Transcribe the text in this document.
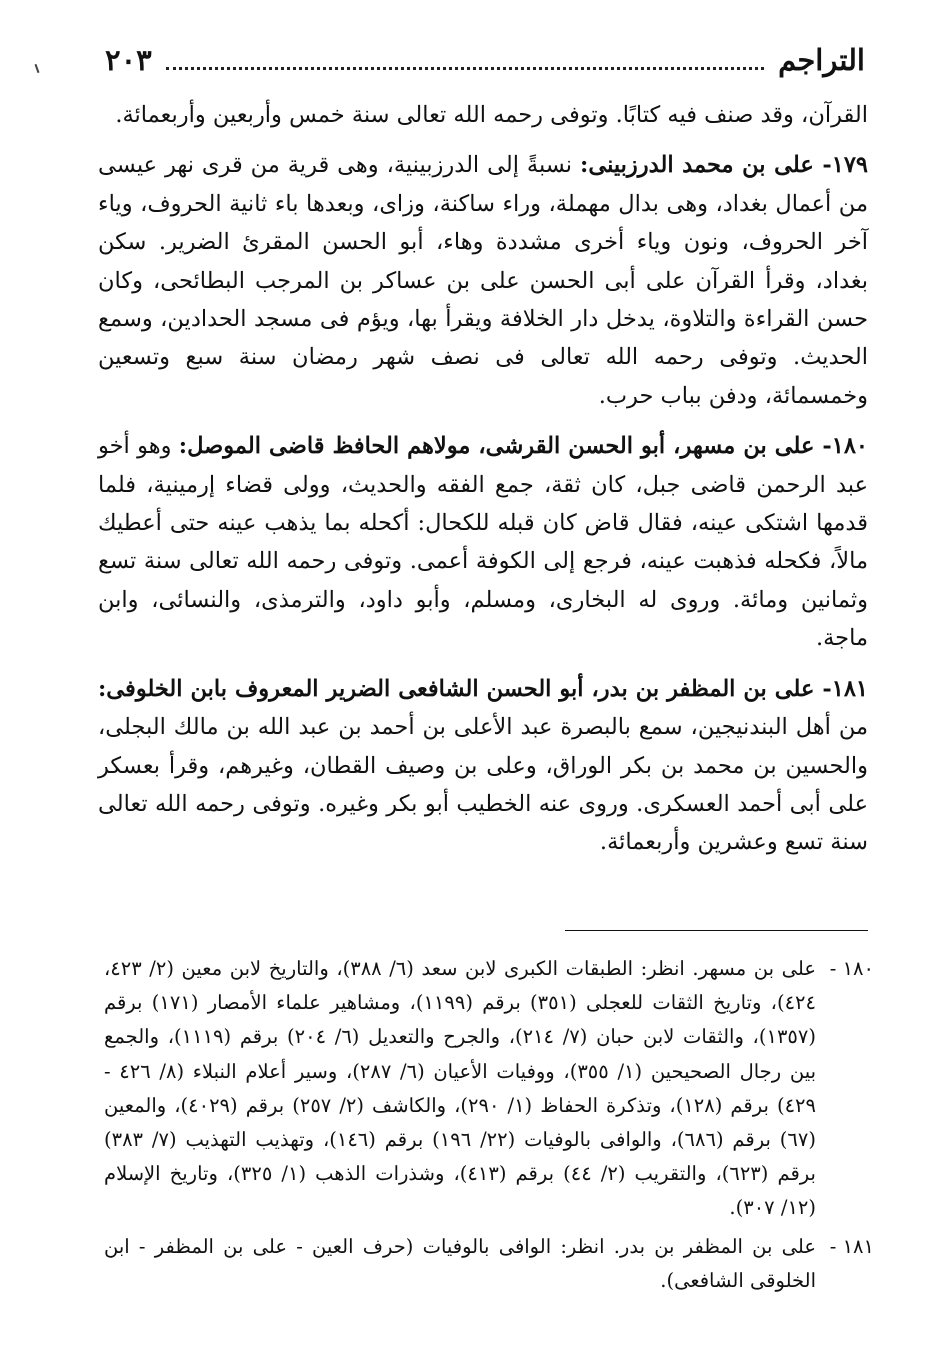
التراجم
٢٠٣

القرآن، وقد صنف فيه كتابًا. وتوفى رحمه الله تعالى سنة خمس وأربعين وأربعمائة.

١٧٩- على بن محمد الدرزبينى: نسبةً إلى الدرزبينية، وهى قرية من قرى نهر عيسى من أعمال بغداد، وهى بدال مهملة، وراء ساكنة، وزاى، وبعدها باء ثانية الحروف، وياء آخر الحروف، ونون وياء أخرى مشددة وهاء، أبو الحسن المقرئ الضرير. سكن بغداد، وقرأ القرآن على أبى الحسن على بن عساكر بن المرجب البطائحى، وكان حسن القراءة والتلاوة، يدخل دار الخلافة ويقرأ بها، ويؤم فى مسجد الحدادين، وسمع الحديث. وتوفى رحمه الله تعالى فى نصف شهر رمضان سنة سبع وتسعين وخمسمائة، ودفن بباب حرب.

١٨٠- على بن مسهر، أبو الحسن القرشى، مولاهم الحافظ قاضى الموصل: وهو أخو عبد الرحمن قاضى جبل، كان ثقة، جمع الفقه والحديث، وولى قضاء إرمينية، فلما قدمها اشتكى عينه، فقال قاض كان قبله للكحال: أكحله بما يذهب عينه حتى أعطيك مالاً، فكحله فذهبت عينه، فرجع إلى الكوفة أعمى. وتوفى رحمه الله تعالى سنة تسع وثمانين ومائة. وروى له البخارى، ومسلم، وأبو داود، والترمذى، والنسائى، وابن ماجة.

١٨١- على بن المظفر بن بدر، أبو الحسن الشافعى الضرير المعروف بابن الخلوفى: من أهل البندنيجين، سمع بالبصرة عبد الأعلى بن أحمد بن عبد الله بن مالك البجلى، والحسين بن محمد بن بكر الوراق، وعلى بن وصيف القطان، وغيرهم، وقرأ بعسكر على أبى أحمد العسكرى. وروى عنه الخطيب أبو بكر وغيره. وتوفى رحمه الله تعالى سنة تسع وعشرين وأربعمائة.

١٨٠ -
على بن مسهر. انظر: الطبقات الكبرى لابن سعد (٦/ ٣٨٨)، والتاريخ لابن معين (٢/ ٤٢٣، ٤٢٤)، وتاريخ الثقات للعجلى (٣٥١) برقم (١١٩٩)، ومشاهير علماء الأمصار (١٧١) برقم (١٣٥٧)، والثقات لابن حبان (٧/ ٢١٤)، والجرح والتعديل (٦/ ٢٠٤) برقم (١١١٩)، والجمع بين رجال الصحيحين (١/ ٣٥٥)، ووفيات الأعيان (٦/ ٢٨٧)، وسير أعلام النبلاء (٨/ ٤٢٦ - ٤٢٩) برقم (١٢٨)، وتذكرة الحفاظ (١/ ٢٩٠)، والكاشف (٢/ ٢٥٧) برقم (٤٠٢٩)، والمعين (٦٧) برقم (٦٨٦)، والوافى بالوفيات (٢٢/ ١٩٦) برقم (١٤٦)، وتهذيب التهذيب (٧/ ٣٨٣) برقم (٦٢٣)، والتقريب (٢/ ٤٤) برقم (٤١٣)، وشذرات الذهب (١/ ٣٢٥)، وتاريخ الإسلام (١٢/ ٣٠٧).

١٨١ -
على بن المظفر بن بدر. انظر: الوافى بالوفيات (حرف العين - على بن المظفر - ابن الخلوقى الشافعى).
